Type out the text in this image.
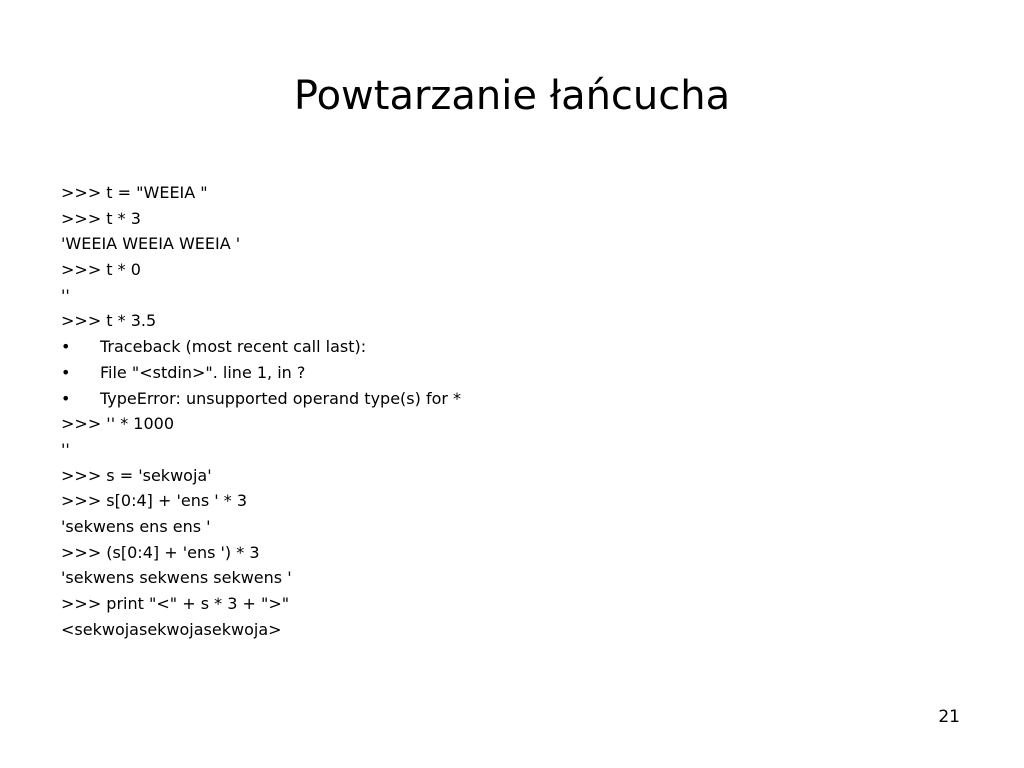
Powtarzanie łańcucha
>>> t = "WEEIA "
>>> t * 3
'WEEIA WEEIA WEEIA '
>>> t * 0
''
>>> t * 3.5
• Traceback (most recent call last):
• File "<stdin>". line 1, in ?
• TypeError: unsupported operand type(s) for *
>>> '' * 1000
''
>>> s = 'sekwoja'
>>> s[0:4] + 'ens ' * 3
'sekwens ens ens '
>>> (s[0:4] + 'ens ') * 3
'sekwens sekwens sekwens '
>>> print "<" + s * 3 + ">"
<sekwojasekwojasekwoja>
21
